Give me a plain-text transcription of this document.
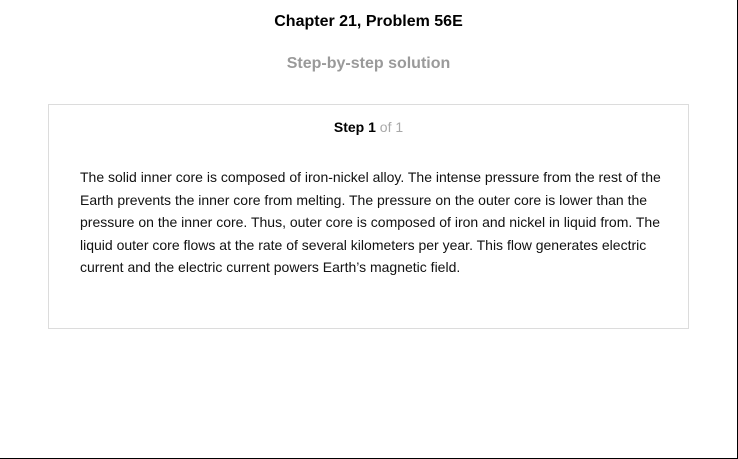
Chapter 21, Problem 56E
Step-by-step solution
Step 1 of 1

The solid inner core is composed of iron-nickel alloy. The intense pressure from the rest of the Earth prevents the inner core from melting. The pressure on the outer core is lower than the pressure on the inner core. Thus, outer core is composed of iron and nickel in liquid from. The liquid outer core flows at the rate of several kilometers per year. This flow generates electric current and the electric current powers Earth’s magnetic field.
